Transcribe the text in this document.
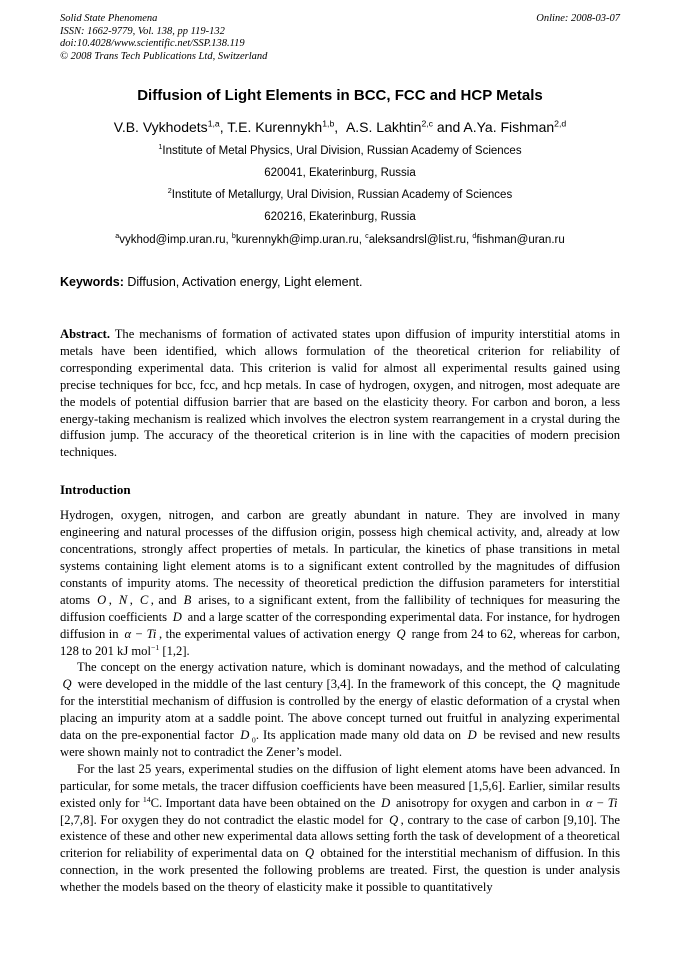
Solid State Phenomena
ISSN: 1662-9779, Vol. 138, pp 119-132
doi:10.4028/www.scientific.net/SSP.138.119
© 2008 Trans Tech Publications Ltd, Switzerland
Online: 2008-03-07
Diffusion of Light Elements in BCC, FCC and HCP Metals
V.B. Vykhodets$^{1,a}$, T.E. Kurennykh$^{1,b}$,  A.S. Lakhtin$^{2,c}$ and A.Ya. Fishman$^{2,d}$
$^1$Institute of Metal Physics, Ural Division, Russian Academy of Sciences
620041, Ekaterinburg, Russia
$^2$Institute of Metallurgy, Ural Division, Russian Academy of Sciences
620216, Ekaterinburg, Russia
$^a$vykhod@imp.uran.ru, $^b$kurennykh@imp.uran.ru, $^c$aleksandrsl@list.ru, $^d$fishman@uran.ru
Keywords: Diffusion, Activation energy, Light element.

Abstract. The mechanisms of formation of activated states upon diffusion of impurity interstitial atoms in metals have been identified, which allows formulation of the theoretical criterion for reliability of corresponding experimental data. This criterion is valid for almost all experimental results gained using precise techniques for bcc, fcc, and hcp metals. In case of hydrogen, oxygen, and nitrogen, most adequate are the models of potential diffusion barrier that are based on the elasticity theory. For carbon and boron, a less energy-taking mechanism is realized which involves the electron system rearrangement in a crystal during the diffusion jump. The accuracy of the theoretical criterion is in line with the capacities of modern precision techniques.

Introduction

Hydrogen, oxygen, nitrogen, and carbon are greatly abundant in nature. They are involved in many engineering and natural processes of the diffusion origin, possess high chemical activity, and, already at low concentrations, strongly affect properties of metals. In particular, the kinetics of phase transitions in metal systems containing light element atoms is to a significant extent controlled by the magnitudes of diffusion constants of impurity atoms. The necessity of theoretical prediction the diffusion parameters for interstitial atoms O , N , C , and B arises, to a significant extent, from the fallibility of techniques for measuring the diffusion coefficients D and a large scatter of the corresponding experimental data. For instance, for hydrogen diffusion in α − Ti , the experimental values of activation energy Q range from 24 to 62, whereas for carbon, 128 to 201 kJ mol$^{-1}$ [1,2].

The concept on the energy activation nature, which is dominant nowadays, and the method of calculating Q were developed in the middle of the last century [3,4]. In the framework of this concept, the Q magnitude for the interstitial mechanism of diffusion is controlled by the energy of elastic deformation of a crystal when placing an impurity atom at a saddle point. The above concept turned out fruitful in analyzing experimental data on the pre-exponential factor D $_0$. Its application made many old data on D be revised and new results were shown mainly not to contradict the Zener’s model.

For the last 25 years, experimental studies on the diffusion of light element atoms have been advanced. In particular, for some metals, the tracer diffusion coefficients have been measured [1,5,6]. Earlier, similar results existed only for $^{14}$C. Important data have been obtained on the D anisotropy for oxygen and carbon in α − Ti [2,7,8]. For oxygen they do not contradict the elastic model for Q , contrary to the case of carbon [9,10]. The existence of these and other new experimental data allows setting forth the task of development of a theoretical criterion for reliability of experimental data on Q obtained for the interstitial mechanism of diffusion. In this connection, in the work presented the following problems are treated. First, the question is under analysis whether the models based on the theory of elasticity make it possible to quantitatively
